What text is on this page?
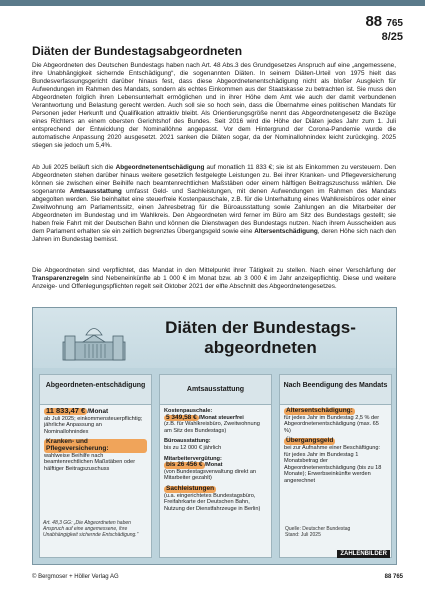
88 765
8/25
Diäten der Bundestagsabgeordneten
Die Abgeordneten des Deutschen Bundestags haben nach Art. 48 Abs.3 des Grundgesetzes Anspruch auf eine „angemessene, ihre Unabhängigkeit sichernde Entschädigung“, die sogenannten Diäten. In seinem Diäten-Urteil von 1975 hielt das Bundesverfassungsgericht darüber hinaus fest, dass diese Abgeordnetenentschädigung nicht als bloßer Ausgleich für Aufwendungen im Rahmen des Mandats, sondern als echtes Einkommen aus der Staatskasse zu betrachten ist. Sie muss den Abgeordneten folglich ihren Lebensunterhalt ermöglichen und in ihrer Höhe dem Amt wie auch der damit verbundenen Verantwortung und Belastung gerecht werden. Auch soll sie so hoch sein, dass die Übernahme eines politischen Mandats für Personen jeder Herkunft und Qualifikation attraktiv bleibt. Als Orientierungsgröße nennt das Abgeordnetengesetz die Bezüge eines Richters an einem obersten Gerichtshof des Bundes. Seit 2016 wird die Höhe der Diäten jedes Jahr zum 1. Juli entsprechend der Entwicklung der Nominallöhne angepasst. Vor dem Hintergrund der Corona-Pandemie wurde die automatische Anpassung 2020 ausgesetzt. 2021 sanken die Diäten sogar, da der Nominallohnindex leicht zurückging. 2025 stiegen sie jedoch um 5,4%.
Ab Juli 2025 beläuft sich die Abgeordnetenentschädigung auf monatlich 11 833 €; sie ist als Einkommen zu versteuern. Den Abgeordneten stehen darüber hinaus weitere gesetzlich festgelegte Leistungen zu. Bei ihrer Kranken- und Pflegeversicherung können sie zwischen einer Beihilfe nach beamtenrechtlichen Maßstäben oder einem hälftigen Beitragszuschuss wählen. Die sogenannte Amtsausstattung umfasst Geld- und Sachleistungen, mit denen Aufwendungen im Rahmen des Mandats abgegolten werden. Sie beinhaltet eine steuerfreie Kostenpauschale, z.B. für die Unterhaltung eines Wahlkreisbüros oder einer Zweitwohnung am Parlamentssitz, einen Jahresbetrag für die Büroausstattung sowie Zahlungen an die Mitarbeiter der Abgeordneten im Bundestag und im Wahlkreis. Den Abgeordneten wird ferner im Büro am Sitz des Bundestags gestellt; sie haben freie Fahrt mit der Deutschen Bahn und können die Dienstwagen des Bundestags nutzen. Nach ihrem Ausscheiden aus dem Parlament erhalten sie ein zeitlich begrenztes Übergangsgeld sowie eine Altersentschädigung, deren Höhe sich nach den Jahren im Bundestag bemisst.
Die Abgeordneten sind verpflichtet, das Mandat in den Mittelpunkt ihrer Tätigkeit zu stellen. Nach einer Verschärfung der Transparenzregeln sind Nebeneinkünfte ab 1 000 € im Monat bzw. ab 3 000 € im Jahr anzeigepflichtig. Diese und weitere Anzeige- und Offenlegungspflichten regelt seit Oktober 2021 der elfte Abschnitt des Abgeordnetengesetzes.
Diäten der Bundestags-
abgeordneten
Abgeordneten-entschädigung
11 833,47 € /Monat
ab Juli 2025; einkommensteuerpflichtig; jährliche Anpassung an Nominallohnindex
Kranken- und Pflegeversicherung:
wahlweise Beihilfe nach beamtenrechtlichen Maßstäben oder hälftiger Beitragszuschuss
Amtsausstattung
Kostenpauschale:
5 349,58 € /Monat steuerfrei
(z.B. für Wahlkreisbüro, Zweitwohnung am Sitz des Bundestags)
Büroausstattung:
bis zu 12 000 € jährlich
Mitarbeitervergütung:
bis 26 456 € /Monat
(von Bundestagsverwaltung direkt an Mitarbeiter gezahlt)
Sachleistungen
(u.a. eingerichtetes Bundestagsbüro, Freifahrkarte der Deutschen Bahn, Nutzung der Dienstfahrzeuge in Berlin)
Nach Beendigung des Mandats
Altersentschädigung:
für jedes Jahr im Bundestag 2,5 % der Abgeordnetenentschädigung (max. 65 %)
Übergangsgeld
bei zur Aufnahme einer Beschäftigung: für jedes Jahr im Bundestag 1 Monatsbetrag der Abgeordnetenentschädigung (bis zu 18 Monate); Erwerbseinkünfte werden angerechnet
Art. 48,3 GG: „Die Abgeordneten haben Anspruch auf eine angemessene, ihre Unabhängigkeit sichernde Entschädigung.“
Quelle: Deutscher Bundestag
Stand: Juli 2025
ZAHLENBILDER
© Bergmoser + Höller Verlag AG	88 765
